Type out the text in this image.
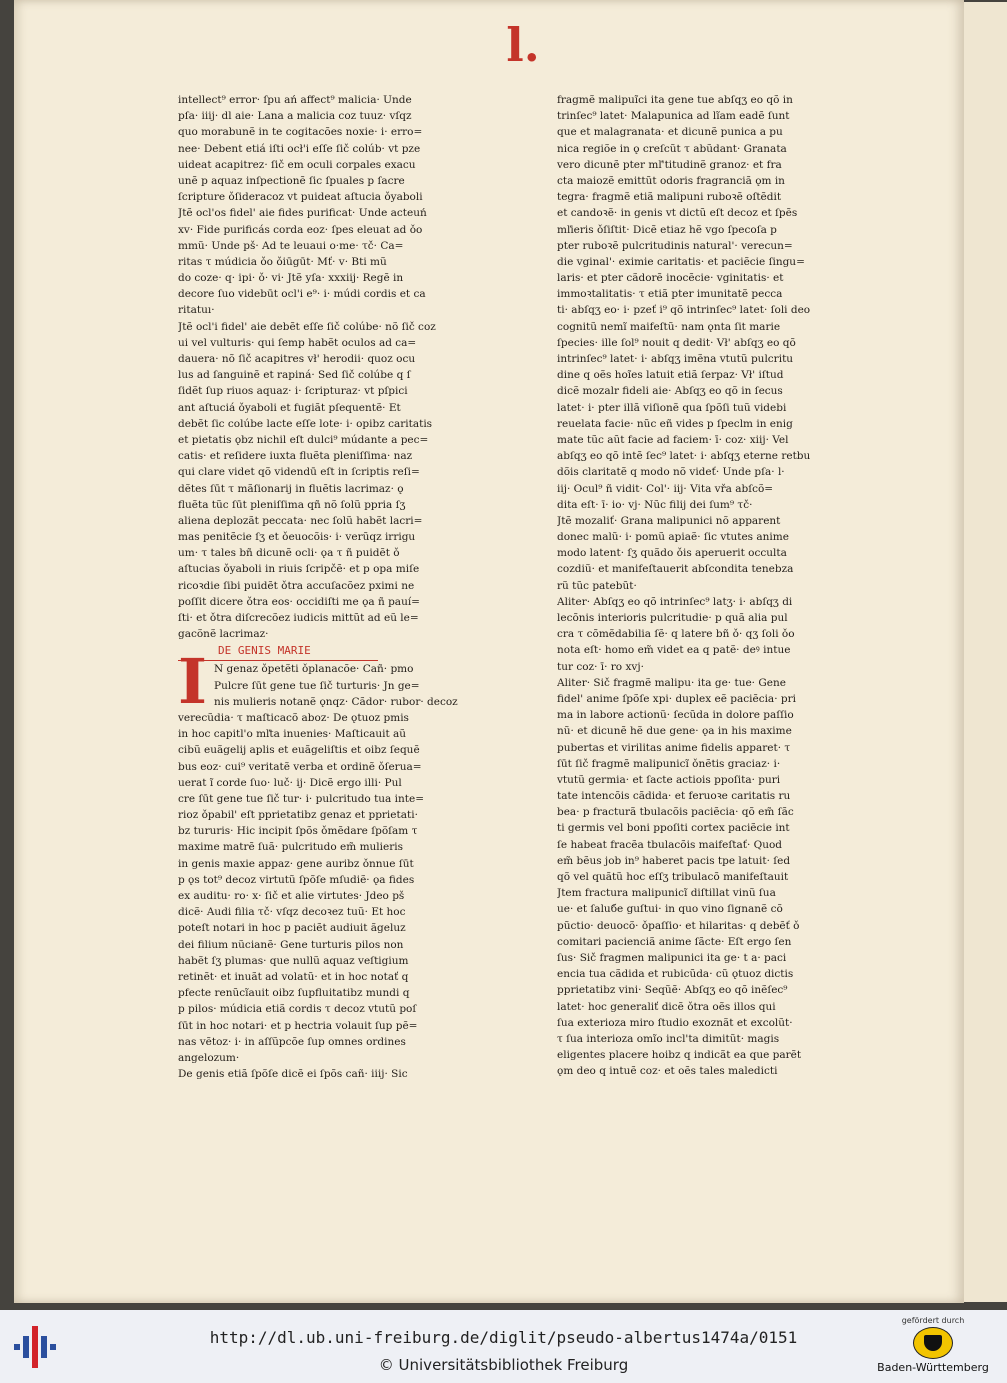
l.
intellect⁹ error· ſpu ań affect⁹ malicia· Unde
pſa· iiij· dl aie· Lana a malicia coz tuuz· vſqz
quo morabunẽ in te cogitacões noxie· i· erro=
nee· Debent etiá iſti ocł'i eſſe ſič colúb· vt pze
uideat acapitrez· ſič em oculi corpales exacu
unẽ p aquaz inſpectionẽ ſic ſpuales p ſacre
ſcripture ǒſideracoz vt puideat aſtucia ǒyaboli
Jtẽ ocl'os fidel' aie fides purificat· Unde acteuń
xv· Fide purificás corda eoz· ſpes eleuat ad ǒo
mmũ· Unde pš· Ad te leuaui o·me· τč· Ca=
ritas τ múdicia ǒo ǒiūgūt· Mť· v· Bti mũ
do coze· q· ipi· ǒ· vi· Jtẽ yſa· xxxiij· Regẽ in
decore ſuo videbūt ocl'i e⁹· i· múdi cordis et ca
ritatuı·
Jtẽ ocl'i fidel' aie debẽt eſſe ſič colúbe· nõ ſič coz
ui vel vulturis· qui ſemp habẽt oculos ad ca=
dauera· nõ ſič acapitres vł' herodii· quoz ocu
lus ad ſanguinẽ et rapiná· Sed ſič colúbe q ſ
ſidẽt ſup riuos aquaz· i· ſcripturaz· vt pſpici
ant aſtuciá ǒyaboli et fugiãt pſequentẽ· Et
debẽt ſic colúbe lacte eſſe lote· i· opibz caritatis
et pietatis ǫbz nichil eſt dulci⁹ múdante a pec=
catis· et reſidere iuxta fluẽta pleniſſima· naz
qui clare videt qõ videndū eſt in ſcriptis reſi=
dẽtes ſūt τ mãſionarij in fluẽtis lacrimaz· ǫ
fluẽta tũc ſūt pleniſſima qñ nõ ſolũ ppria ſʒ
aliena deplozãt peccata· nec ſolũ habẽt lacri=
mas penitẽcie ſʒ et ǒeuocõis· i· verũqz irrigu
um· τ tales bñ dicunẽ ocli· ǫa τ ñ puidẽt ǒ
aſtucias ǒyaboli in riuis ſcripčẽ· et p opa miſe
ricoꝛdie ſibi puidẽt ǒtra accuſacõez pximi ne
poſſit dicere ǒtra eos· occidiſti me ǫa ñ pauí=
ſti· et ǒtra diſcrecõez iudicis mittũt ad eũ le=
gacõnẽ lacrimaz·
DE GENIS MARIE
N genaz ǒpetẽti ǒplanacõe· Cañ· pmo
Pulcre ſūt gene tue ſič turturis· Jn ge=
nis mulieris notanẽ ǫnqz· Cãdor· rubor· decoz
verecũdia· τ maſticacõ aboz· De ǫtuoz pmis
in hoc capitl'o mľta inuenies· Maſticauit aũ
cibũ euãgelij aplis et euãgeliſtis et oibz ſequẽ
bus eoz· cui⁹ veritatẽ verba et ordinẽ ǒſerua=
uerat ĩ corde ſuo· luč· ij· Dicẽ ergo illi· Pul
cre ſūt gene tue ſič tur· i· pulcritudo tua inte=
rioz ǒpabil' eſt pprietatibz genaz et pprietati·
bz tururis· Hic incipit ſpõs ǒmẽdare ſpõſam τ
maxime matrẽ ſuã· pulcritudo em̃ mulieris
in genis maxie appaz· gene auribz ǒnnue ſūt
p ǫs tot⁹ decoz virtutũ ſpõſe mſudiẽ· ǫa fides
ex auditu· ro· x· ſič et alie virtutes· Jdeo pš
dicẽ· Audi filia τč· vſqz decoꝛez tuũ· Et hoc
poteſt notari in hoc p paciẽt audiuit ãgeluz
dei filium nũcianẽ· Gene turturis pilos non
habẽt ſʒ plumas· que nullũ aquaz veſtigium
retinẽt· et inuãt ad volatũ· et in hoc notať q
pfecte renũcĩauit oibz ſupfluitatibz mundi q
p pilos· múdicia etiã cordis τ decoz vtutũ poſ
ſūt in hoc notari· et p hectria volauit ſup pẽ=
nas vẽtoz· i· in aſſũpcõe ſup omnes ordines
angelozum·
De genis etiã ſpõſe dicẽ ei ſpõs cañ· iiij· Sic
I
fragmẽ malipuĩci ita gene tue abſqʒ eo qõ in
trinſec⁹ latet· Malapunica ad lĩam eadẽ ſunt
que et malagranata· et dicunẽ punica a pu
nica regiõe in ǫ creſcũt τ abũdant· Granata
vero dicunẽ pter mľ'titudinẽ granoz· et fra
cta maiozẽ emittũt odoris fragranciã ǫm in
tegra· fragmẽ etiã malipuni ruboꝛẽ oſtẽdit
et candoꝛẽ· in genis vt dictũ eſt decoz et ſpẽs
mľieris ǒſiſtit· Dicẽ etiaz hẽ vgo ſpecoſa p
pter ruboꝛẽ pulcritudinis natural'· verecun=
die vginal'· eximie caritatis· et paciẽcie ſingu=
laris· et pter cãdorẽ inocẽcie· vginitatis· et
immoꝛtalitatis· τ etiã pter imunitatẽ pecca
ti· abſqʒ eo· i· pzeť i⁹ qõ intrinſec⁹ latet· ſoli deo
cognitũ nemĩ maifeſtũ· nam ǫnta ſit marie
ſpecies· ille ſol⁹ nouit q dedit· Vł' abſqʒ eo qõ
intrinſec⁹ latet· i· abſqʒ imẽna vtutũ pulcritu
dine q oẽs hoĩes latuit etiã ſerpaz· Vł' iſtud
dicẽ mozalr fideli aie· Abſqʒ eo qõ in ſecus
latet· i· pter illã viſionẽ qua ſpõſi tuũ videbi
reuelata facie· nũc eñ vides p ſpeclm in enig
mate tũc aũt facie ad faciem· ī· coz· xiij· Vel
abſqʒ eo qõ intẽ ſec⁹ latet· i· abſqʒ eterne retbu
dõis claritatẽ q modo nõ videť· Unde pſa· l·
iij· Ocul⁹ ñ vidit· Col'· iij· Vita vřa abſcõ=
dita eſt· ī· io· vj· Nũc filij dei ſum⁹ τč·
Jtẽ mozaliť· Grana malipunici nõ apparent
donec malũ· i· pomũ apiaẽ· ſic vtutes anime
modo latent· ſʒ quãdo ǒis aperuerit occulta
cozdiũ· et manifeſtauerit abſcondita tenebza
rũ tũc patebũt·
Aliter· Abſqʒ eo qõ intrinſec⁹ latʒ· i· abſqʒ di
lecõnis interioris pulcritudie· p quã alia pul
cra τ cõmẽdabilia ſẽ· q latere bñ ǒ· qʒ ſoli ǒo
nota eſt· homo em̃ videt ea q patẽ· deꝰ intue
tur coz· ī· ro xvj·
Aliter· Sič fragmẽ malipu· ita ge· tue· Gene
fidel' anime ſpõſe xpi· duplex eẽ paciẽcia· pri
ma in labore actionũ· ſecũda in dolore paſſio
nũ· et dicunẽ hẽ due gene· ǫa in his maxime
pubertas et virilitas anime fidelis apparet· τ
ſūt ſič fragmẽ malipunicĩ ǒnẽtis graciaz· i·
vtutũ germia· et ſacte actiois ppoſita· puri
tate intencõis cãdida· et feruoꝛe caritatis ru
bea· p fracturã tbulacõis paciẽcia· qõ em̃ ſãc
ti germis vel boni ppoſiti cortex paciẽcie int
ſe habeat fracẽa tbulacõis maifeſtať· Quod
em̃ bẽus job in⁹ haberet pacis tpe latuit· ſed
qõ vel quãtũ hoc eſſʒ tribulacõ manifeſtauit
Jtem fractura malipunicĩ diſtillat vinũ ſua
ue· et ſaluбe guſtui· in quo vino ſignanẽ cõ
pũctio· deuocõ· ǒpaſſio· et hilaritas· q debẽť ǒ
comitari pacienciã anime ſãcte· Eſt ergo ſen
ſus· Sič fragmen malipunici ita ge· t a· paci
encia tua cãdida et rubicũda· cũ ǫtuoz dictis
pprietatibz vini· Seqũẽ· Abſqʒ eo qõ inẽſec⁹
latet· hoc generaliť dicẽ ǒtra oẽs illos qui
ſua exterioza miro ſtudio exoznãt et excolũt·
τ ſua interioza omĩo incl'ta dimitũt· magis
eligentes placere hoibz q indicãt ea que parẽt
ǫm deo q intuẽ coz· et oẽs tales maledicti
http://dl.ub.uni-freiburg.de/diglit/pseudo-albertus1474a/0151
© Universitätsbibliothek Freiburg
gefördert durch
Baden-Württemberg
